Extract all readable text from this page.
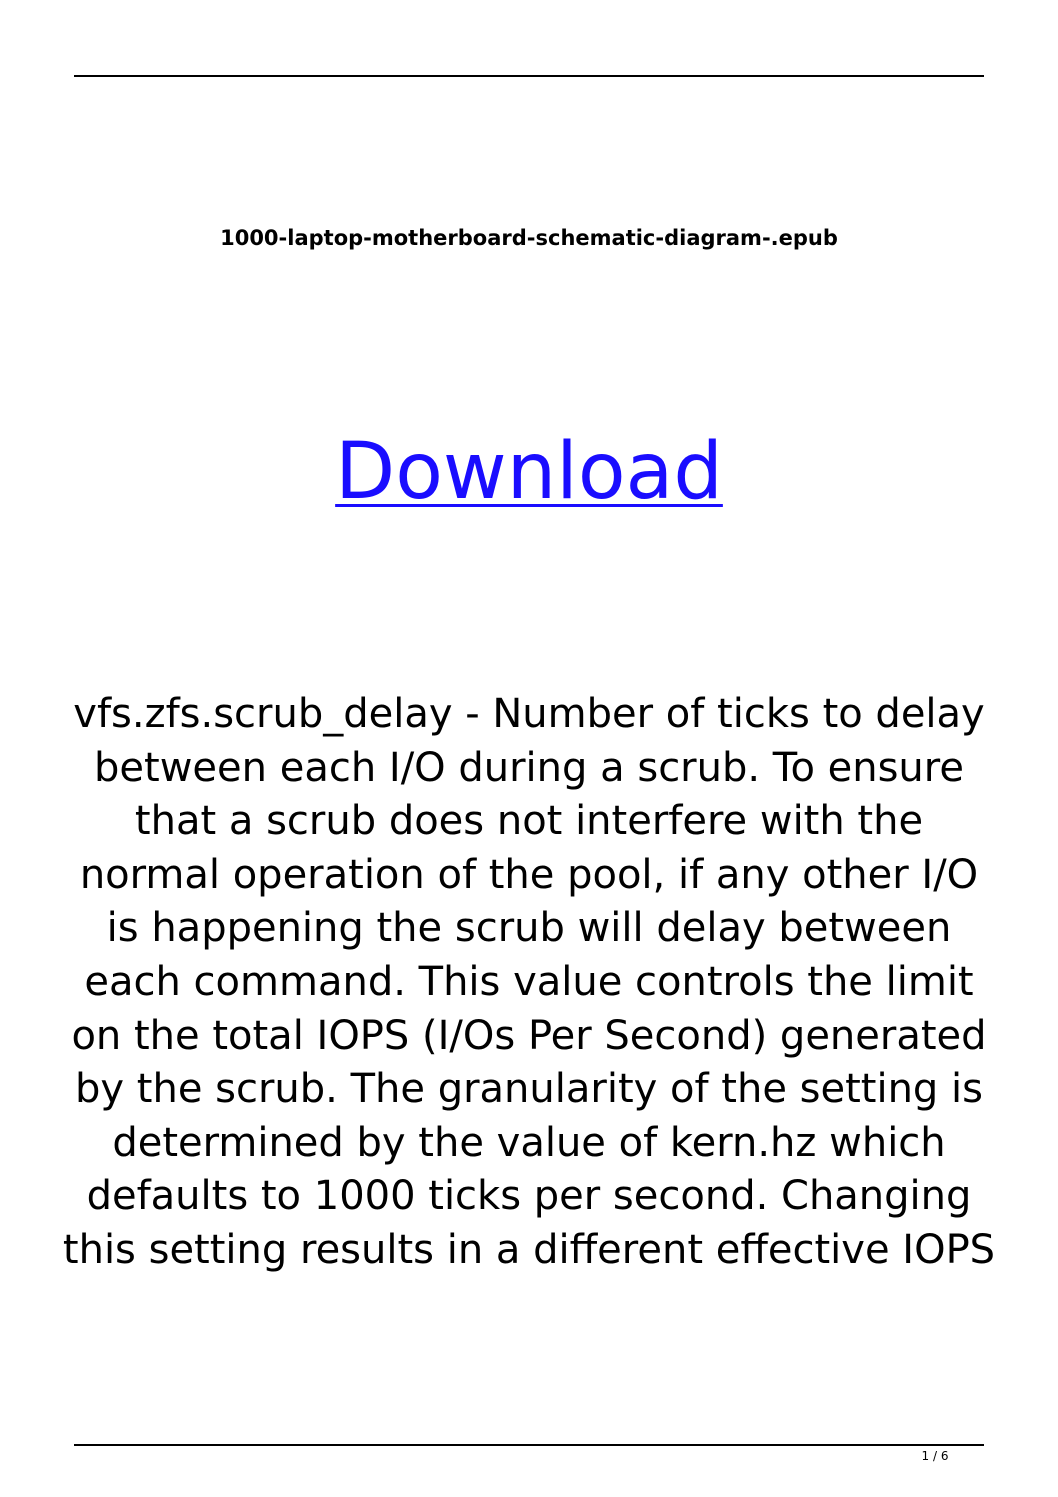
1000-laptop-motherboard-schematic-diagram-.epub
Download

vfs.zfs.scrub_delay - Number of ticks to delay between each I/O during a scrub. To ensure that a scrub does not interfere with the normal operation of the pool, if any other I/O is happening the scrub will delay between each command. This value controls the limit on the total IOPS (I/Os Per Second) generated by the scrub. The granularity of the setting is determined by the value of kern.hz which defaults to 1000 ticks per second. Changing this setting results in a different effective IOPS

1 / 6
